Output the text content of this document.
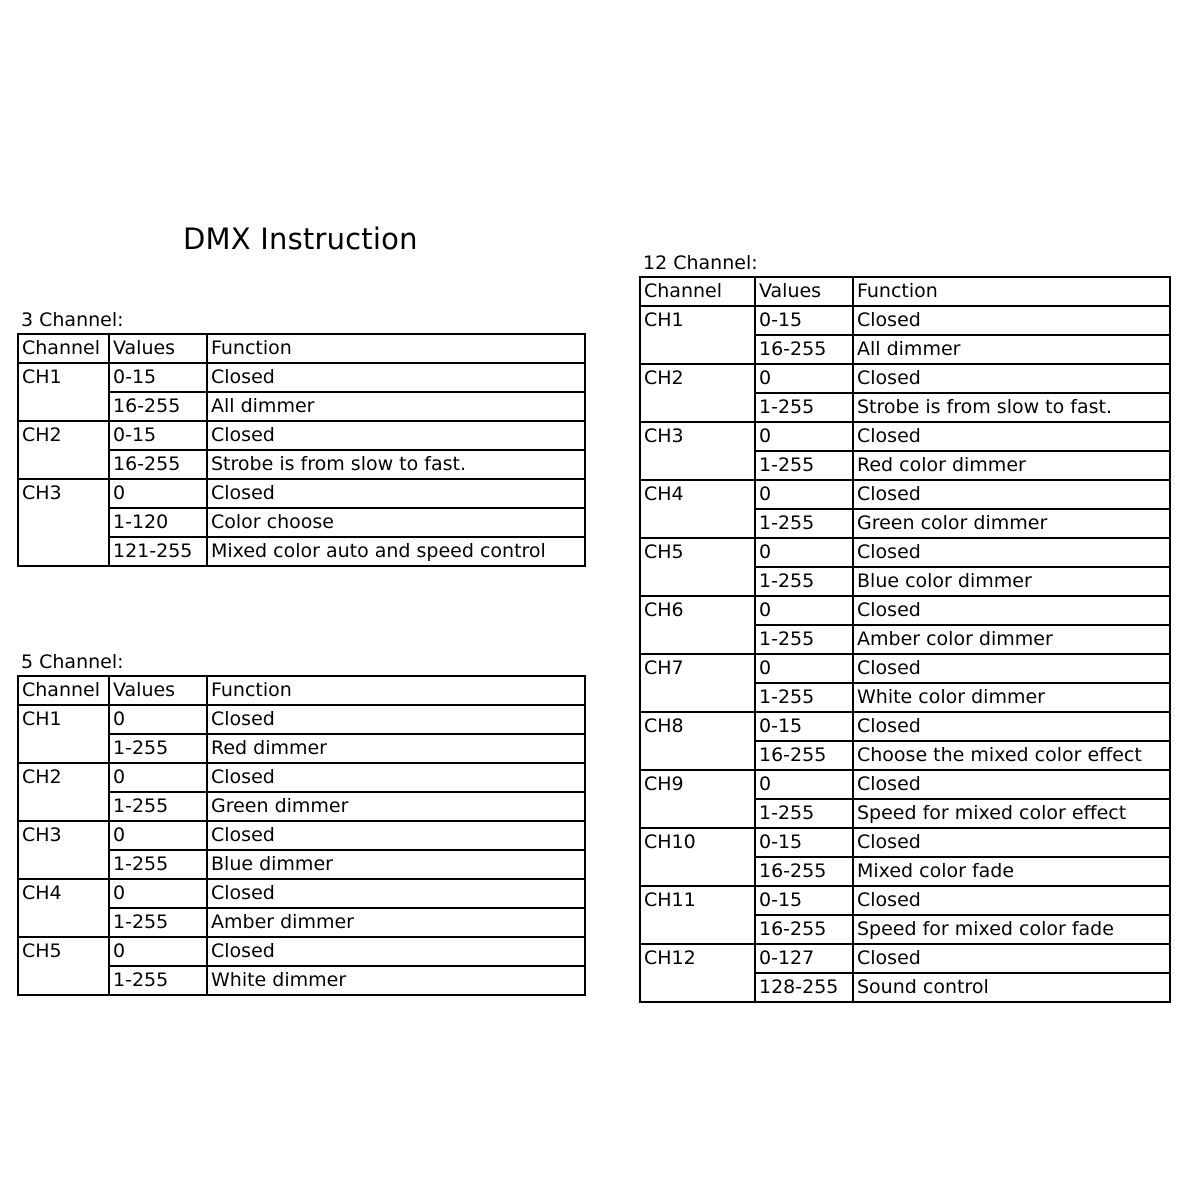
DMX Instruction
3 Channel:
Channel	Values	Function
CH1	0-15	Closed
	16-255	All dimmer
CH2	0-15	Closed
	16-255	Strobe is from slow to fast.
CH3	0	Closed
	1-120	Color choose
	121-255	Mixed color auto and speed control
5 Channel:
Channel	Values	Function
CH1	0	Closed
	1-255	Red dimmer
CH2	0	Closed
	1-255	Green dimmer
CH3	0	Closed
	1-255	Blue dimmer
CH4	0	Closed
	1-255	Amber dimmer
CH5	0	Closed
	1-255	White dimmer
12 Channel:
Channel	Values	Function
CH1	0-15	Closed
	16-255	All dimmer
CH2	0	Closed
	1-255	Strobe is from slow to fast.
CH3	0	Closed
	1-255	Red color dimmer
CH4	0	Closed
	1-255	Green color dimmer
CH5	0	Closed
	1-255	Blue color dimmer
CH6	0	Closed
	1-255	Amber color dimmer
CH7	0	Closed
	1-255	White color dimmer
CH8	0-15	Closed
	16-255	Choose the mixed color effect
CH9	0	Closed
	1-255	Speed for mixed color effect
CH10	0-15	Closed
	16-255	Mixed color fade
CH11	0-15	Closed
	16-255	Speed for mixed color fade
CH12	0-127	Closed
	128-255	Sound control
